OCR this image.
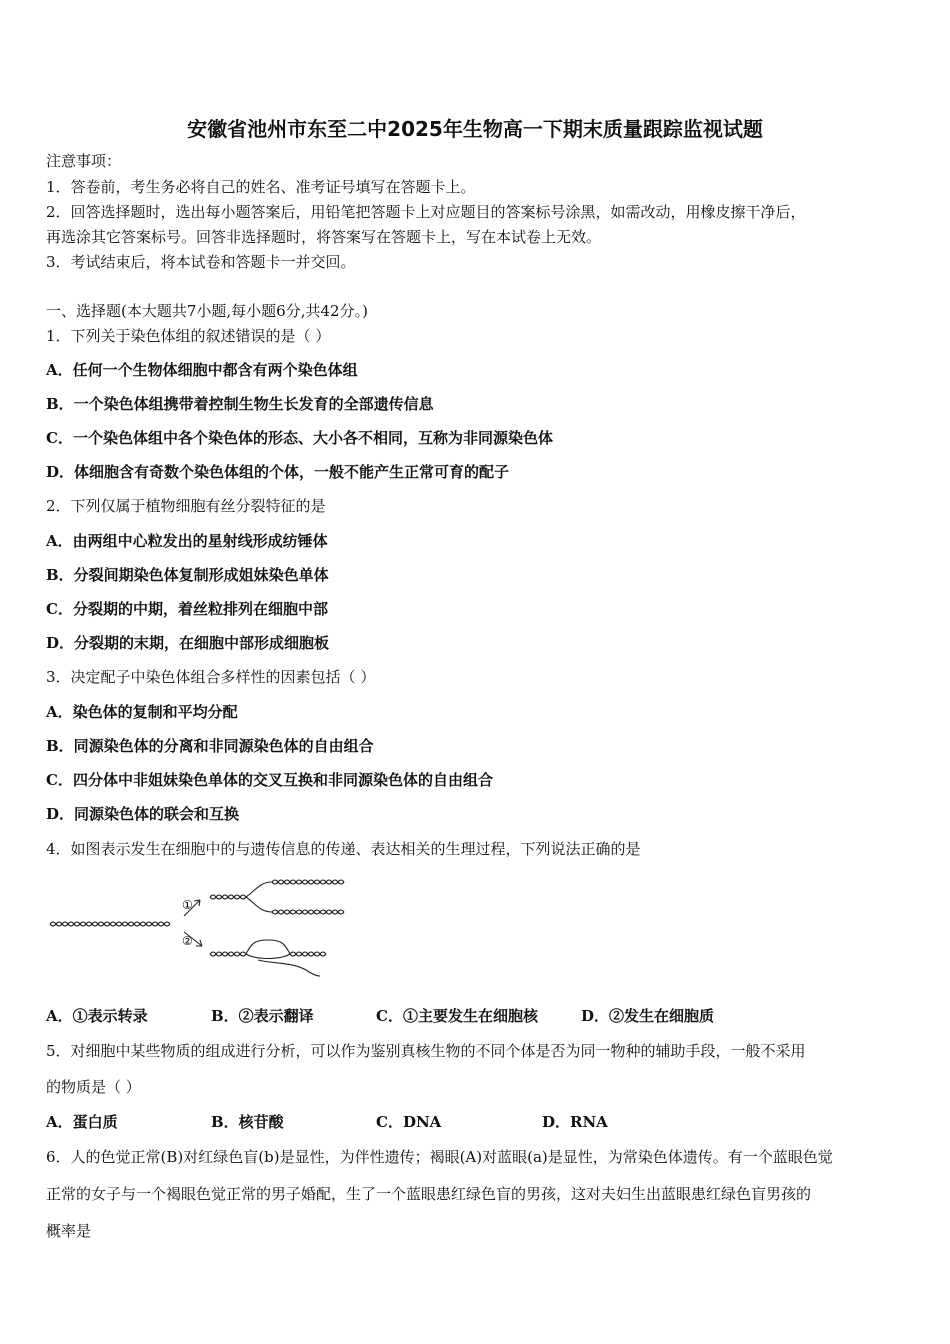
安徽省池州市东至二中2025年生物高一下期末质量跟踪监视试题
注意事项：
1．答卷前，考生务必将自己的姓名、准考证号填写在答题卡上。
2．回答选择题时，选出每小题答案后，用铅笔把答题卡上对应题目的答案标号涂黑，如需改动，用橡皮擦干净后，
再选涂其它答案标号。回答非选择题时，将答案写在答题卡上，写在本试卷上无效。
3．考试结束后，将本试卷和答题卡一并交回。
一、选择题(本大题共7小题,每小题6分,共42分。)
1．下列关于染色体组的叙述错误的是（ ）
A．任何一个生物体细胞中都含有两个染色体组
B．一个染色体组携带着控制生物生长发育的全部遗传信息
C．一个染色体组中各个染色体的形态、大小各不相同，互称为非同源染色体
D．体细胞含有奇数个染色体组的个体，一般不能产生正常可育的配子
2．下列仅属于植物细胞有丝分裂特征的是
A．由两组中心粒发出的星射线形成纺锤体
B．分裂间期染色体复制形成姐妹染色单体
C．分裂期的中期，着丝粒排列在细胞中部
D．分裂期的末期，在细胞中部形成细胞板
3．决定配子中染色体组合多样性的因素包括（ ）
A．染色体的复制和平均分配
B．同源染色体的分离和非同源染色体的自由组合
C．四分体中非姐妹染色单体的交叉互换和非同源染色体的自由组合
D．同源染色体的联会和互换
4．如图表示发生在细胞中的与遗传信息的传递、表达相关的生理过程，下列说法正确的是
①
②
A．①表示转录	B．②表示翻译	C．①主要发生在细胞核	D．②发生在细胞质
5．对细胞中某些物质的组成进行分析，可以作为鉴别真核生物的不同个体是否为同一物种的辅助手段，一般不采用
的物质是（ ）
A．蛋白质	B．核苷酸	C．DNA	D．RNA
6．人的色觉正常(B)对红绿色盲(b)是显性，为伴性遗传；褐眼(A)对蓝眼(a)是显性，为常染色体遗传。有一个蓝眼色觉
正常的女子与一个褐眼色觉正常的男子婚配，生了一个蓝眼患红绿色盲的男孩，这对夫妇生出蓝眼患红绿色盲男孩的
概率是
